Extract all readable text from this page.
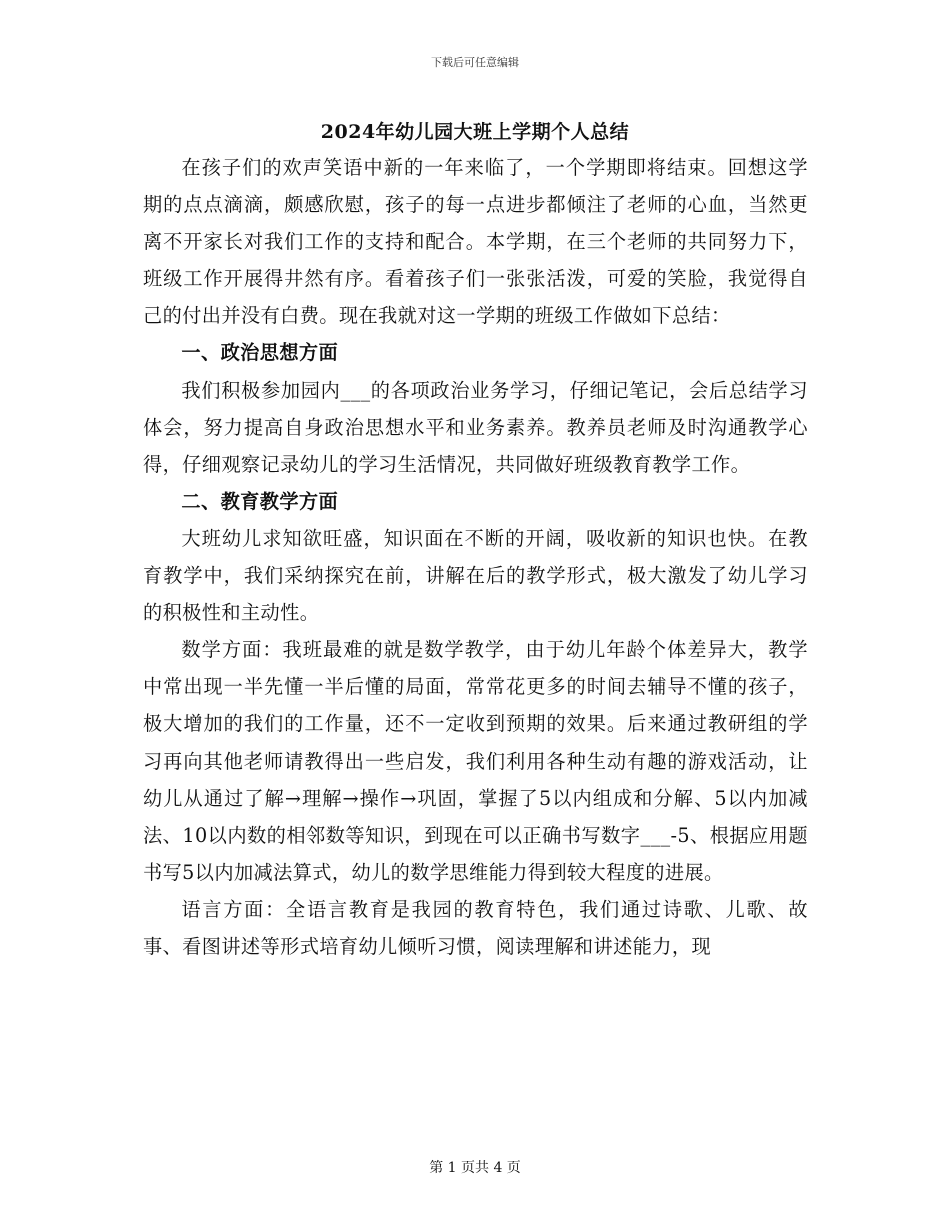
下载后可任意编辑
2024年幼儿园大班上学期个人总结

在孩子们的欢声笑语中新的一年来临了，一个学期即将结束。回想这学期的点点滴滴，颇感欣慰，孩子的每一点进步都倾注了老师的心血，当然更离不开家长对我们工作的支持和配合。本学期，在三个老师的共同努力下，班级工作开展得井然有序。看着孩子们一张张活泼，可爱的笑脸，我觉得自己的付出并没有白费。现在我就对这一学期的班级工作做如下总结：

一、政治思想方面

我们积极参加园内___的各项政治业务学习，仔细记笔记，会后总结学习体会，努力提高自身政治思想水平和业务素养。教养员老师及时沟通教学心得，仔细观察记录幼儿的学习生活情况，共同做好班级教育教学工作。

二、教育教学方面

大班幼儿求知欲旺盛，知识面在不断的开阔，吸收新的知识也快。在教育教学中，我们采纳探究在前，讲解在后的教学形式，极大激发了幼儿学习的积极性和主动性。

数学方面：我班最难的就是数学教学，由于幼儿年龄个体差异大，教学中常出现一半先懂一半后懂的局面，常常花更多的时间去辅导不懂的孩子，极大增加的我们的工作量，还不一定收到预期的效果。后来通过教研组的学习再向其他老师请教得出一些启发，我们利用各种生动有趣的游戏活动，让幼儿从通过了解→理解→操作→巩固，掌握了5以内组成和分解、5以内加减法、10以内数的相邻数等知识，到现在可以正确书写数字___-5、根据应用题书写5以内加减法算式，幼儿的数学思维能力得到较大程度的进展。

语言方面：全语言教育是我园的教育特色，我们通过诗歌、儿歌、故事、看图讲述等形式培育幼儿倾听习惯，阅读理解和讲述能力，现

第 1 页共 4 页
